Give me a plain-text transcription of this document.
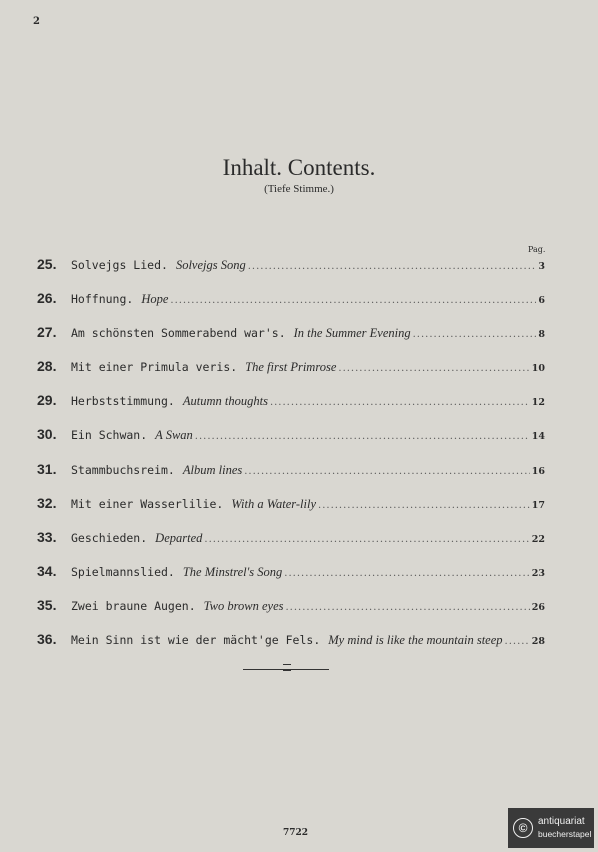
2
Inhalt. Contents.
(Tiefe Stimme.)
Pag.
25.	Solvejgs Lied. Solvejgs Song .....	3
26.	Hoffnung. Hope .....	6
27.	Am schönsten Sommerabend war's. In the Summer Evening .....	8
28.	Mit einer Primula veris. The first Primrose .....	10
29.	Herbststimmung. Autumn thoughts .....	12
30.	Ein Schwan. A Swan .....	14
31.	Stammbuchsreim. Album lines .....	16
32.	Mit einer Wasserlilie. With a Water-lily .....	17
33.	Geschieden. Departed .....	22
34.	Spielmannslied. The Minstrel's Song .....	23
35.	Zwei braune Augen. Two brown eyes .....	26
36.	Mein Sinn ist wie der mächt'ge Fels. My mind is like the mountain steep .....	28
7722	©	antiquariat
buecherstapel
